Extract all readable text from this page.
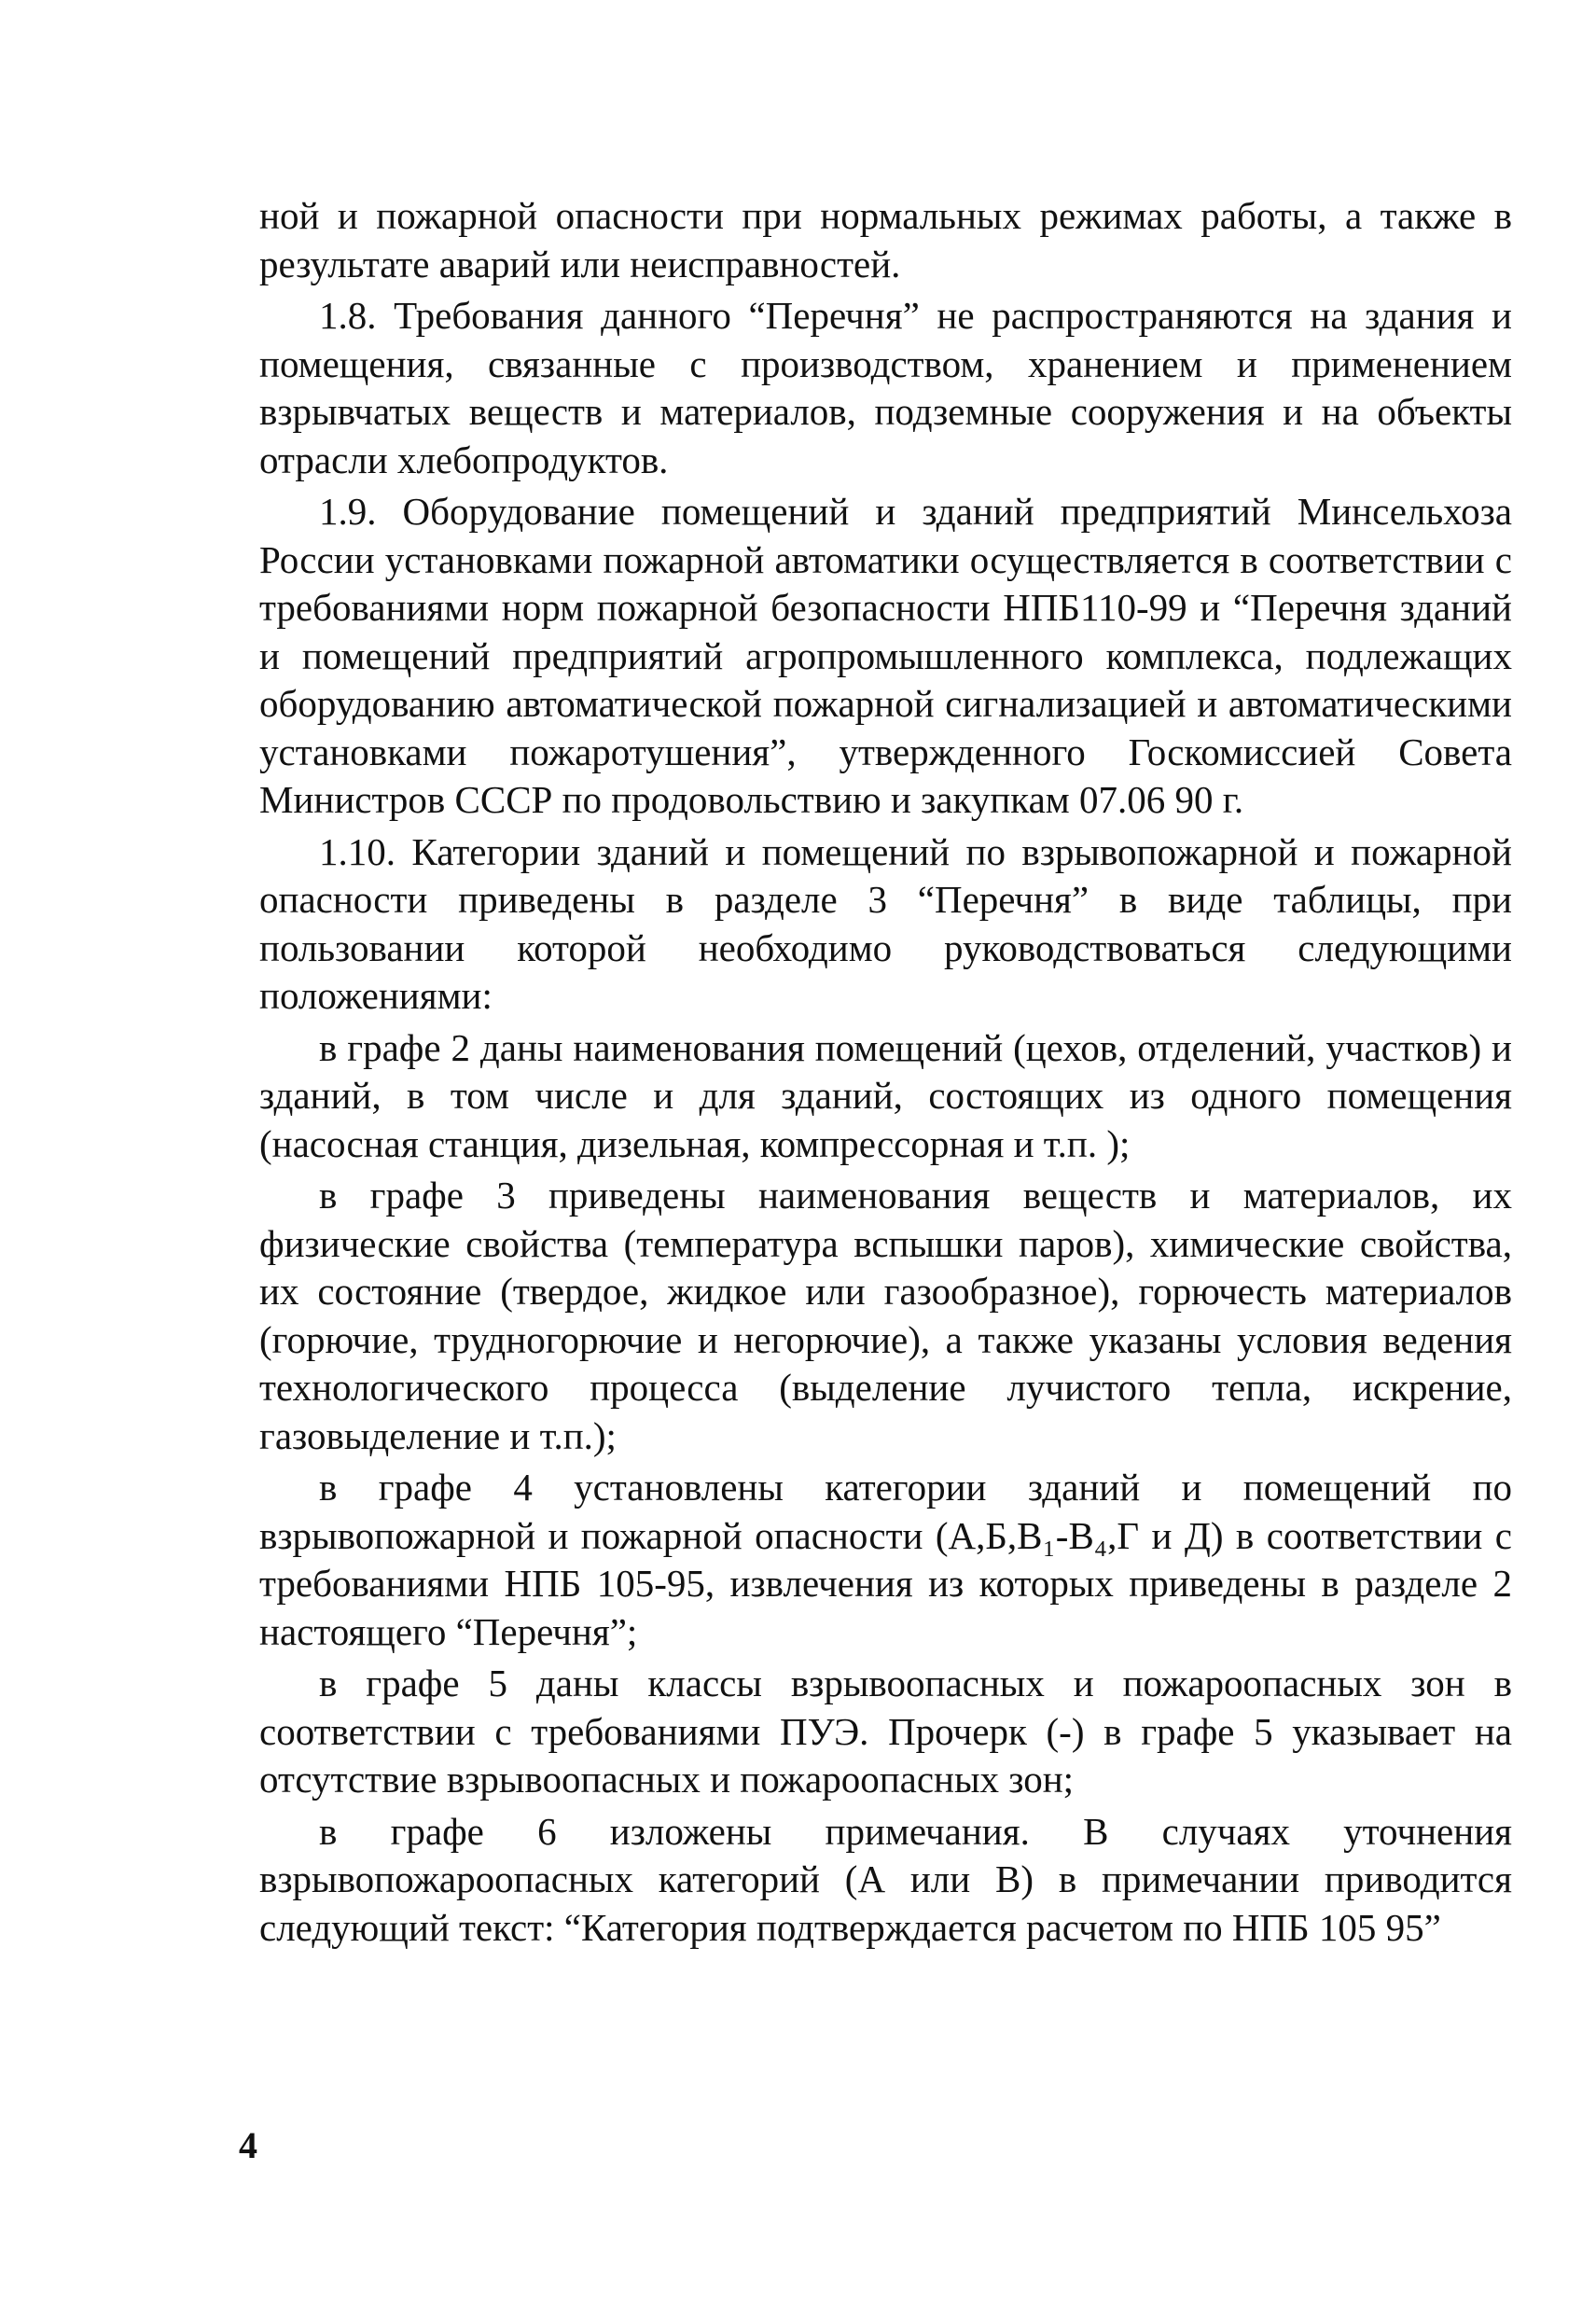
ной и пожарной опасности при нормальных режимах работы, а также в результате аварий или неисправностей.

1.8. Требования данного “Перечня” не распространяются на здания и помещения, связанные с производством, хранением и применением взрывчатых веществ и материалов, подземные сооружения и на объекты отрасли хлебопродуктов.

1.9. Оборудование помещений и зданий предприятий Минсельхоза России установками пожарной автоматики осуществляется в соответствии с требованиями норм пожарной безопасности НПБ110-99 и “Перечня зданий и помещений предприятий агропромышленного комплекса, подлежащих оборудованию автоматической пожарной сигнализацией и автоматическими установками пожаротушения”, утвержденного Госкомиссией Совета Министров СССР по продовольствию и закупкам 07.06 90 г.

1.10. Категории зданий и помещений по взрывопожарной и пожарной опасности приведены в разделе 3 “Перечня” в виде таблицы, при пользовании которой необходимо руководствоваться следующими положениями:

в графе 2 даны наименования помещений (цехов, отделений, участков) и зданий, в том числе и для зданий, состоящих из одного помещения (насосная станция, дизельная, компрессорная и т.п. );

в графе 3 приведены наименования веществ и материалов, их физические свойства (температура вспышки паров), химические свойства, их состояние (твердое, жидкое или газообразное), горючесть материалов (горючие, трудногорючие и негорючие), а также указаны условия ведения технологического процесса (выделение лучистого тепла, искрение, газовыделение и т.п.);

в графе 4 установлены категории зданий и помещений по взрывопожарной и пожарной опасности (А,Б,В₁-В₄,Г и Д) в соответствии с требованиями НПБ 105-95, извлечения из которых приведены в разделе 2 настоящего “Перечня”;

в графе 5 даны классы взрывоопасных и пожароопасных зон в соответствии с требованиями ПУЭ. Прочерк (-) в графе 5 указывает на отсутствие взрывоопасных и пожароопасных зон;

в графе 6 изложены примечания. В случаях уточнения взрывопожароопасных категорий (А или В) в примечании приводится следующий текст: “Категория подтверждается расчетом по НПБ 105 95”

4
